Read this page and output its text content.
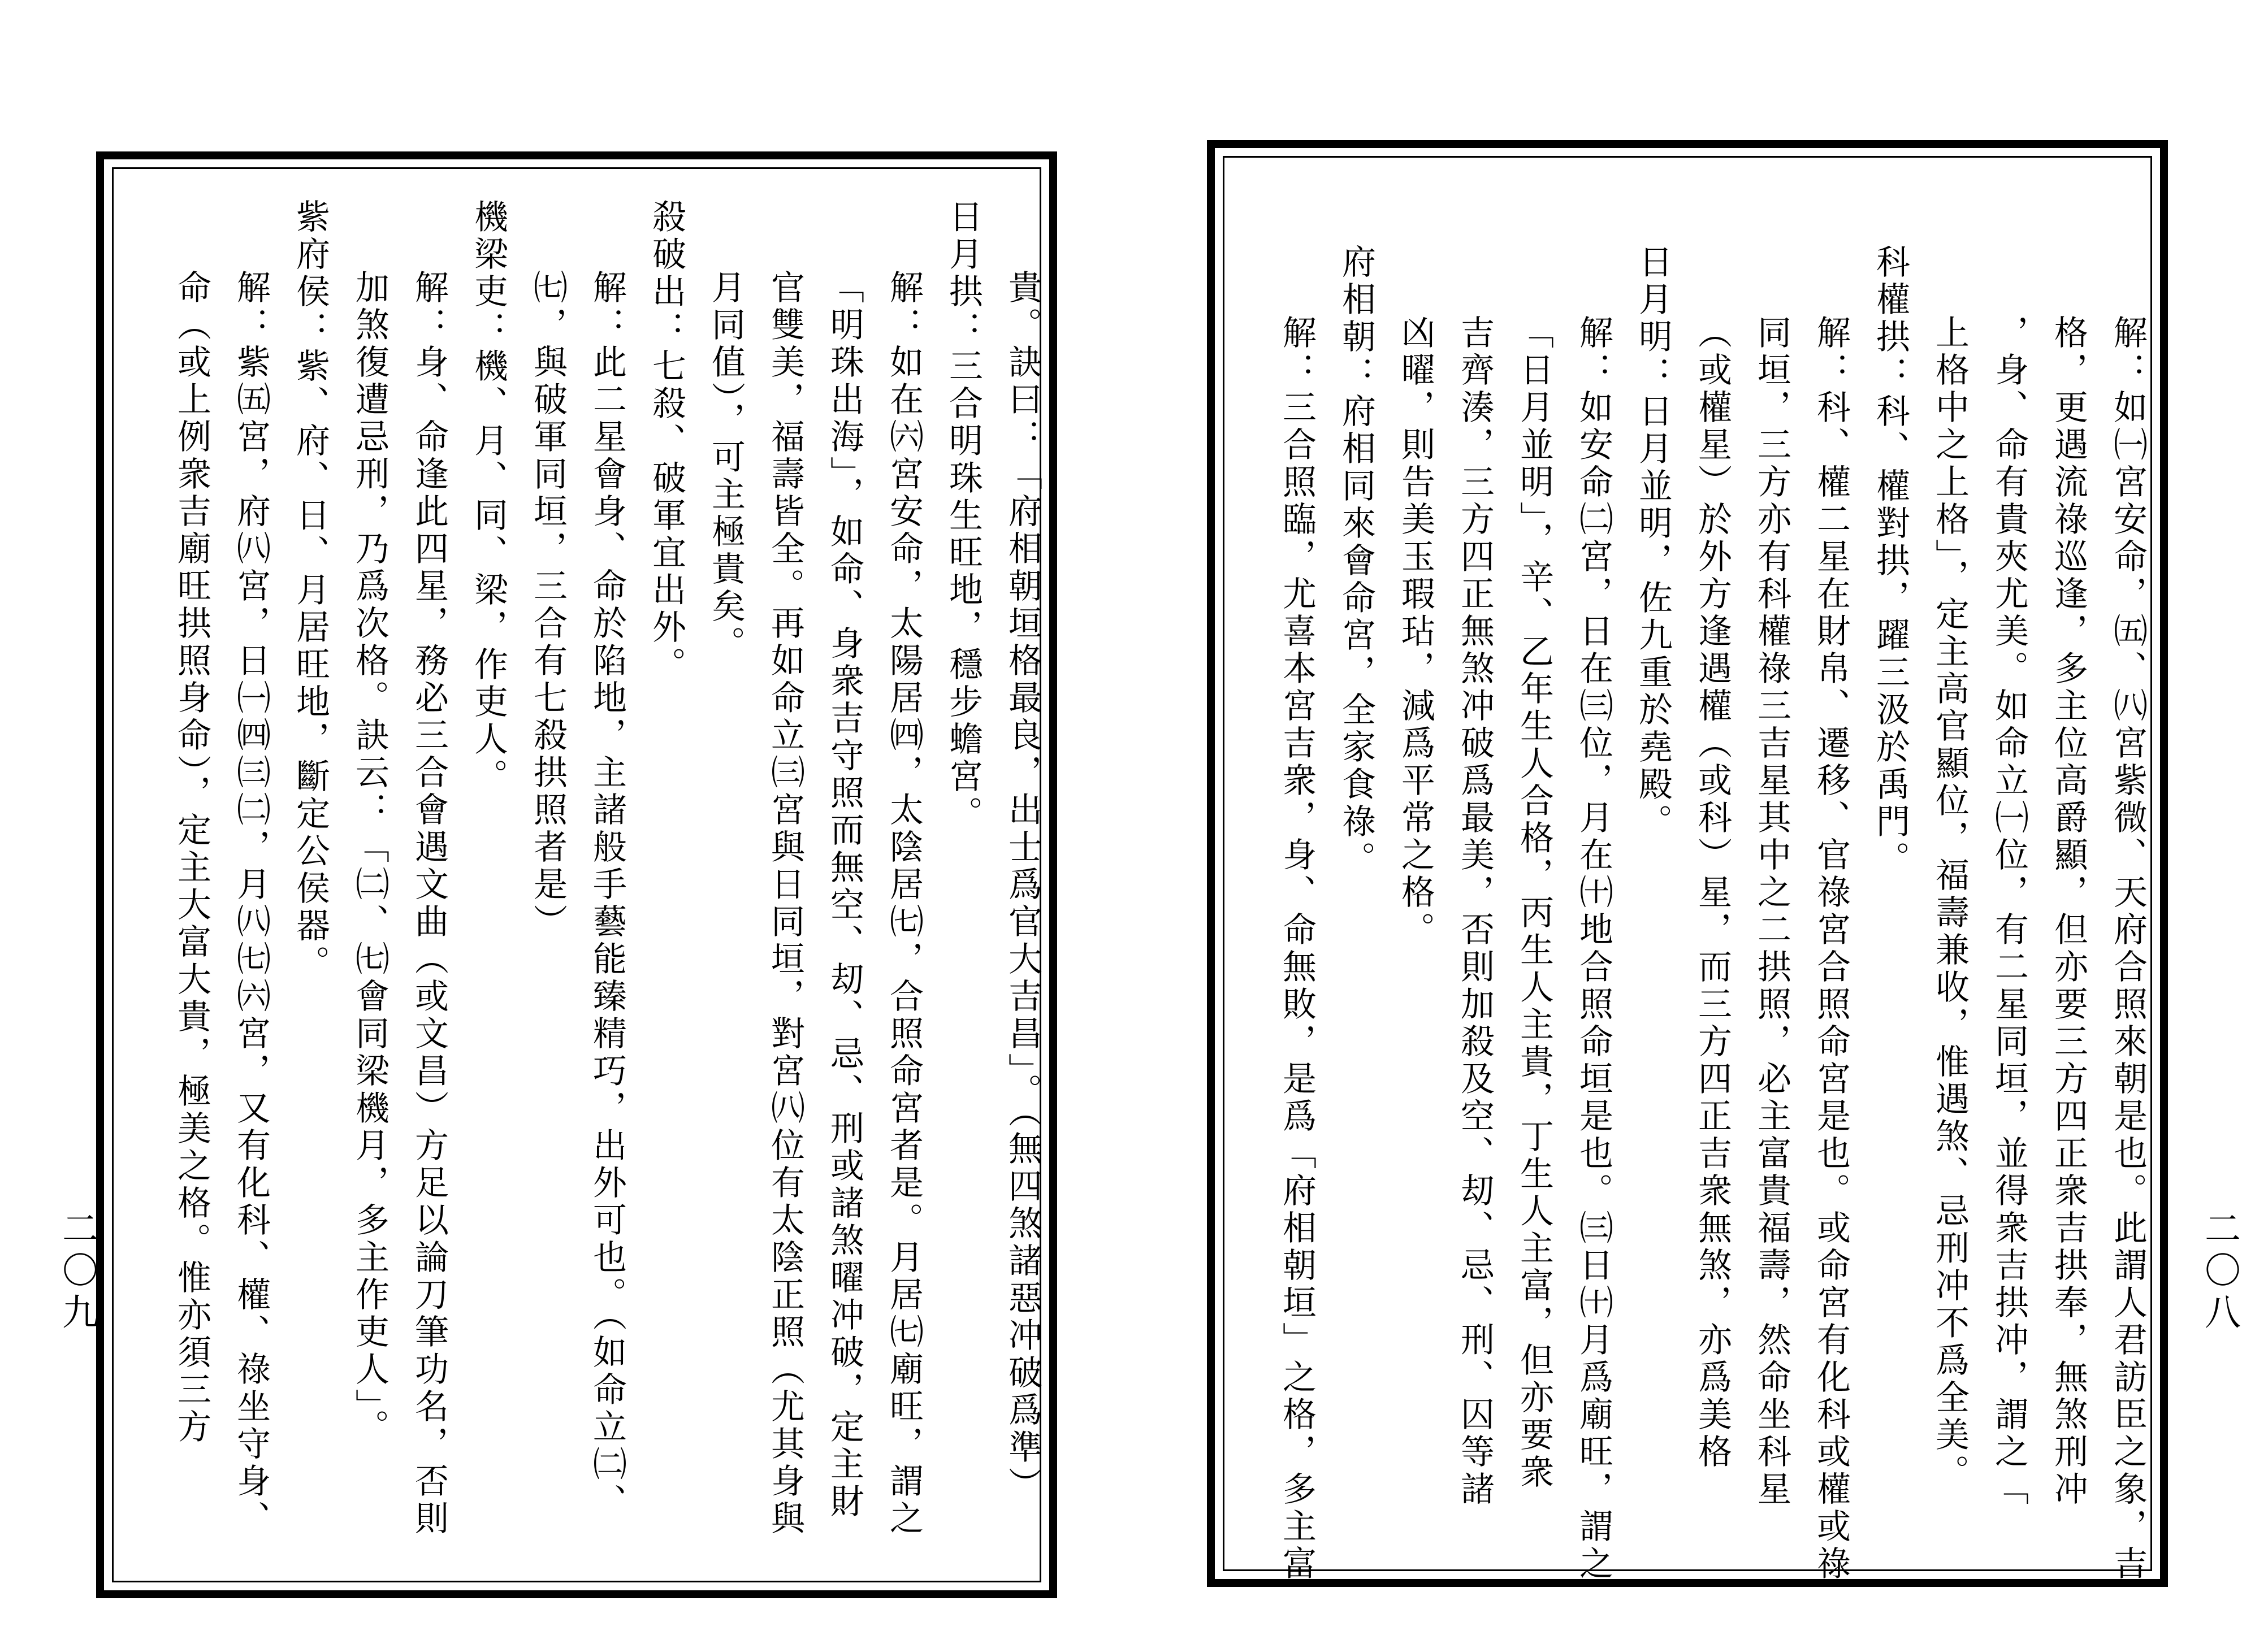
貴。訣曰：「府相朝垣格最良，出士爲官大吉昌」。（無四煞諸惡冲破爲準）
日月拱：三合明珠生旺地，穩步蟾宮。
解：如在㈥宮安命，太陽居㈣，太陰居㈦，合照命宮者是。月居㈦廟旺，謂之
「明珠出海」，如命、身衆吉守照而無空、刧、忌、刑或諸煞曜冲破，定主財
官雙美，福壽皆全。再如命立㈢宮與日同垣，對宮㈧位有太陰正照（尤其身與
月同值），可主極貴矣。
殺破出：七殺、破軍宜出外。
解：此二星會身、命於陷地，主諸般手藝能臻精巧，出外可也。（如命立㈡、
㈦，與破軍同垣，三合有七殺拱照者是）
機梁吏：機、月、同、梁，作吏人。
解：身、命逢此四星，務必三合會遇文曲（或文昌）方足以論刀筆功名，否則
加煞復遭忌刑，乃爲次格。訣云：「㈡、㈦會同梁機月，多主作吏人」。
紫府侯：紫、府、日、月居旺地，斷定公侯器。
解：紫㈤宮，府㈧宮，日㈠㈣㈢㈡，月㈧㈦㈥宮，又有化科、權、祿坐守身、
命（或上例衆吉廟旺拱照身命），定主大富大貴，極美之格。惟亦須三方
二〇九	解：如㈠宮安命，㈤、㈧宮紫微、天府合照來朝是也。此謂人君訪臣之象，吉
格，更遇流祿巡逢，多主位高爵顯，但亦要三方四正衆吉拱奉，無煞刑冲
，身、命有貴夾尤美。如命立㈠位，有二星同垣，並得衆吉拱冲，謂之「
上格中之上格」，定主高官顯位，福壽兼收，惟遇煞、忌刑冲不爲全美。
科權拱：科、權對拱，躍三汲於禹門。
解：科、權二星在財帛、遷移、官祿宮合照命宮是也。或命宮有化科或權或祿
同垣，三方亦有科權祿三吉星其中之二拱照，必主富貴福壽，然命坐科星
（或權星）於外方逢遇權（或科）星，而三方四正吉衆無煞，亦爲美格
日月明：日月並明，佐九重於堯殿。
解：如安命㈡宮，日在㈢位，月在㈩地合照命垣是也。㈢日㈩月爲廟旺，謂之
「日月並明」，辛、乙年生人合格，丙生人主貴，丁生人主富，但亦要衆
吉齊湊，三方四正無煞冲破爲最美，否則加殺及空、刧、忌、刑、囚等諸
凶曜，則告美玉瑕玷，減爲平常之格。
府相朝：府相同來會命宮，全家食祿。
解：三合照臨，尤喜本宮吉衆，身、命無敗，是爲「府相朝垣」之格，多主富	二〇八
